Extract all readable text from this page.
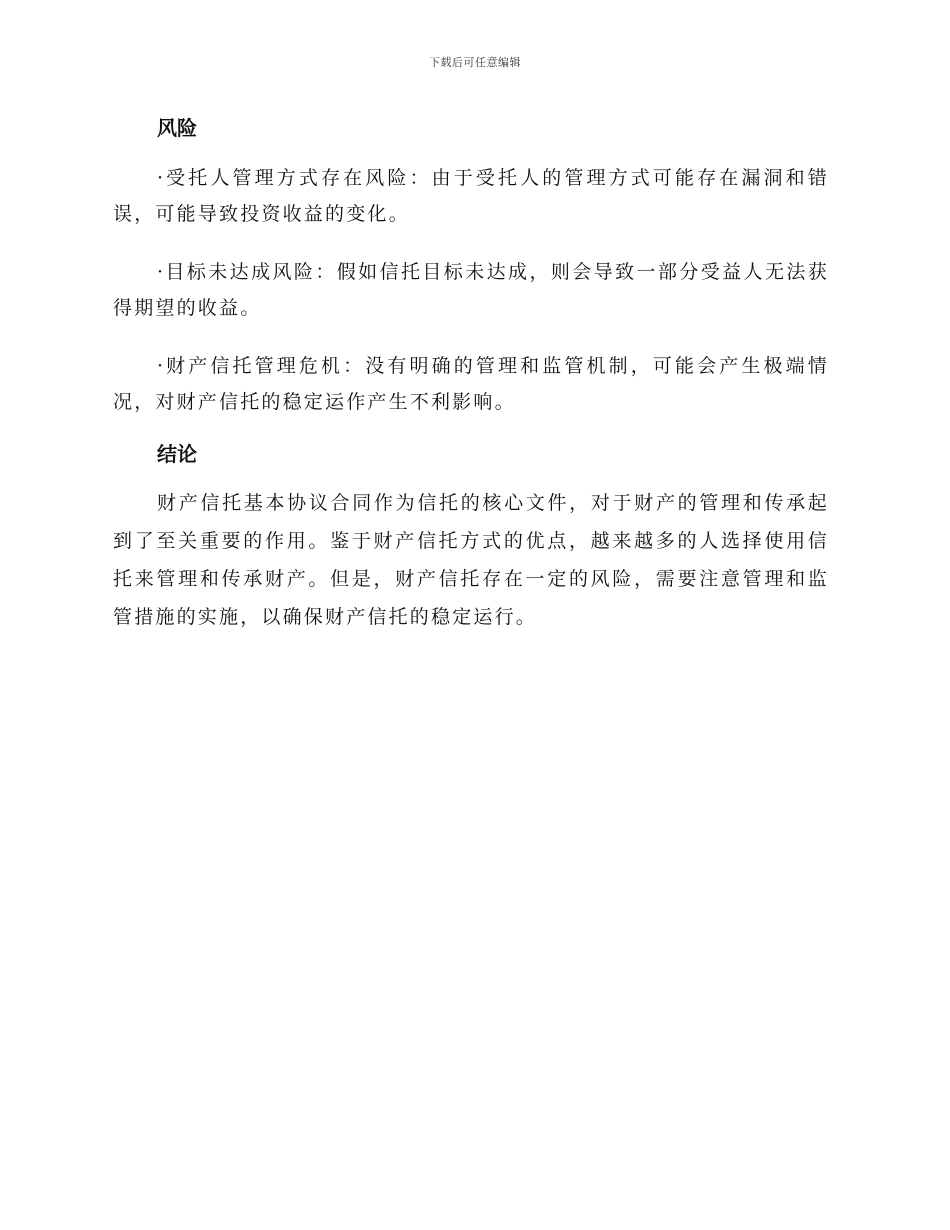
下载后可任意编辑
风险
·受托人管理方式存在风险：由于受托人的管理方式可能存在漏洞和错误，可能导致投资收益的变化。
·目标未达成风险：假如信托目标未达成，则会导致一部分受益人无法获得期望的收益。
·财产信托管理危机：没有明确的管理和监管机制，可能会产生极端情况，对财产信托的稳定运作产生不利影响。
结论

财产信托基本协议合同作为信托的核心文件，对于财产的管理和传承起到了至关重要的作用。鉴于财产信托方式的优点，越来越多的人选择使用信托来管理和传承财产。但是，财产信托存在一定的风险，需要注意管理和监管措施的实施，以确保财产信托的稳定运行。
